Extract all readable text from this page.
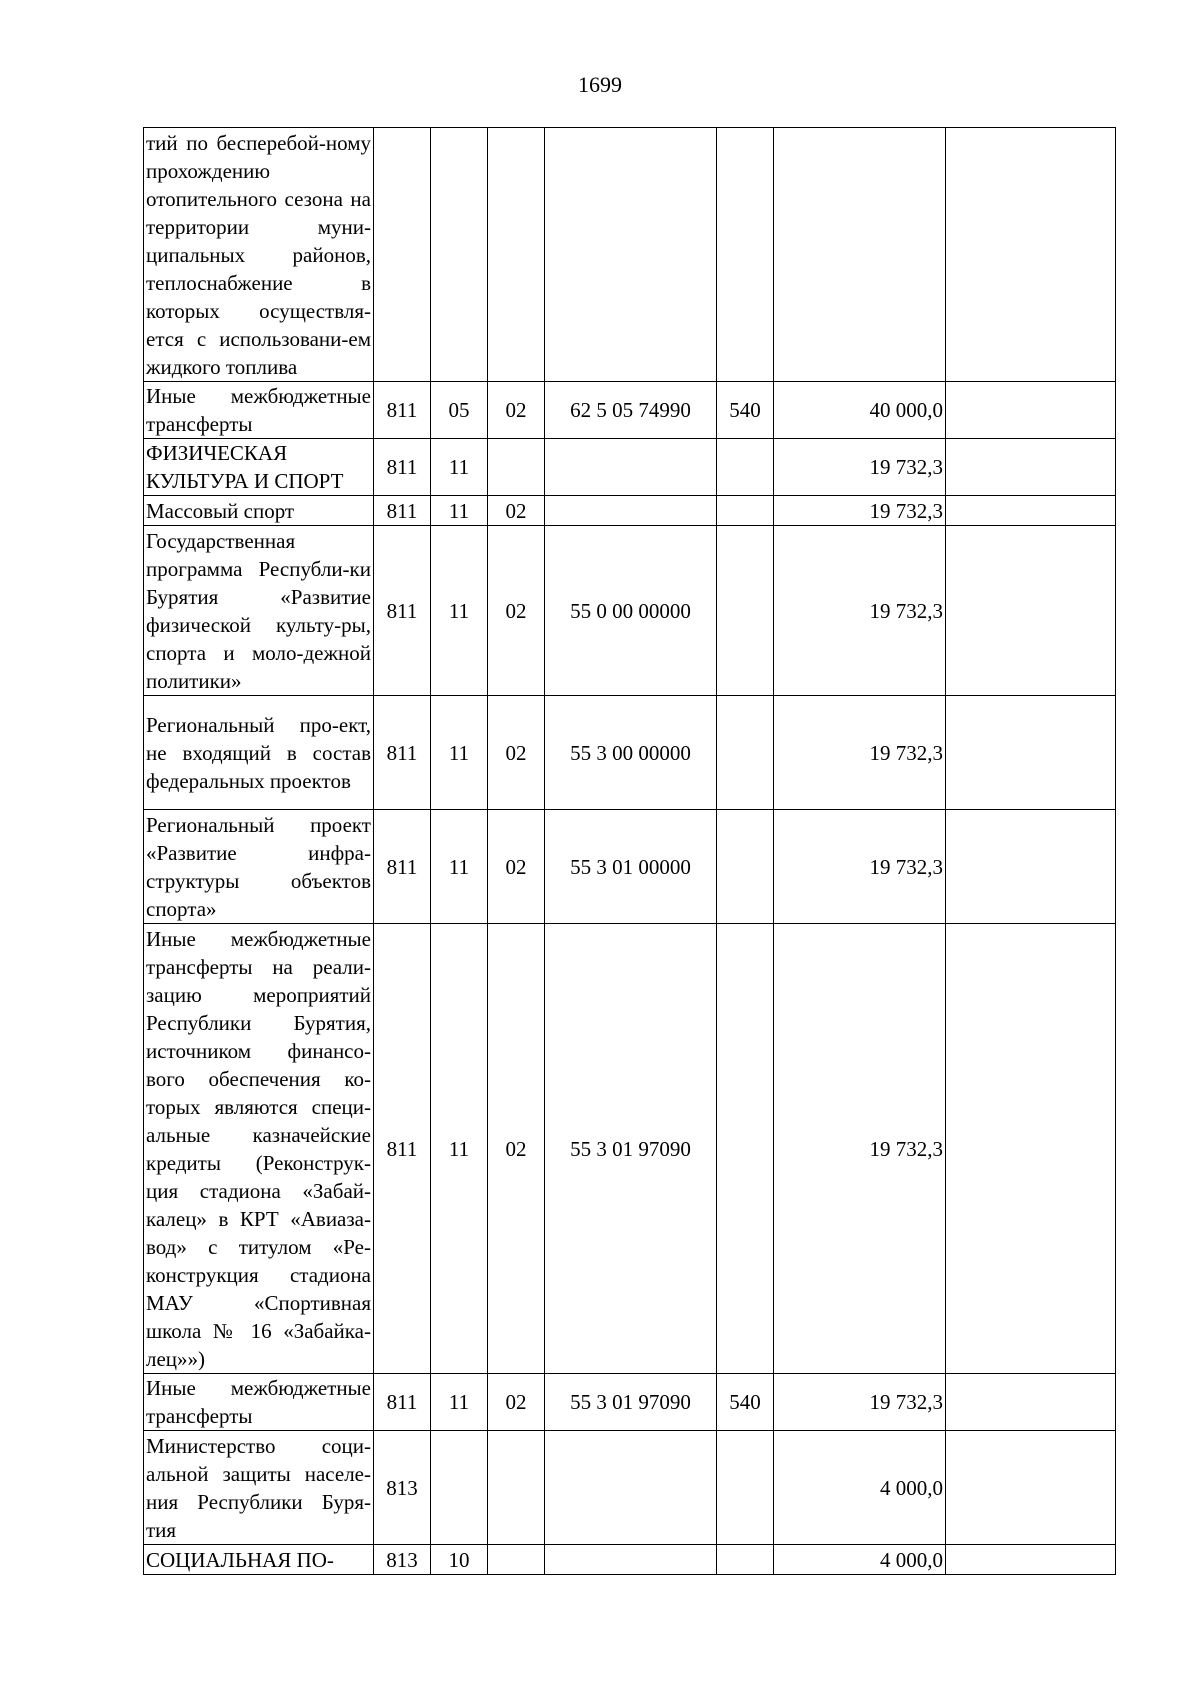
1699
тий по бесперебой-ному прохождению отопительного сезона на территории муни-ципальных районов, теплоснабжение в которых осуществля-ется с использовани-ем жидкого топлива							
Иные межбюджетные трансферты	811	05	02	62 5 05 74990	540	40 000,0	
ФИЗИЧЕСКАЯ КУЛЬТУРА И СПОРТ	811	11				19 732,3	
Массовый спорт	811	11	02			19 732,3	
Государственная программа Республи-ки Бурятия «Развитие физической культу-ры, спорта и моло-дежной политики»	811	11	02	55 0 00 00000		19 732,3	
Региональный про-ект, не входящий в состав федеральных проектов	811	11	02	55 3 00 00000		19 732,3	
Региональный проект «Развитие инфра-структуры объектов спорта»	811	11	02	55 3 01 00000		19 732,3	
Иные межбюджетные трансферты на реали-зацию мероприятий Республики Бурятия, источником финансо-вого обеспечения ко-торых являются специ-альные казначейские кредиты (Реконструк-ция стадиона «Забай-калец» в КРТ «Авиаза-вод» с титулом «Ре-конструкция стадиона МАУ «Спортивная школа № 16 «Забайка-лец»»)	811	11	02	55 3 01 97090		19 732,3	
Иные межбюджетные трансферты	811	11	02	55 3 01 97090	540	19 732,3	
Министерство соци-альной защиты населе-ния Республики Буря-тия	813					4 000,0	
СОЦИАЛЬНАЯ ПО-	813	10				4 000,0	
